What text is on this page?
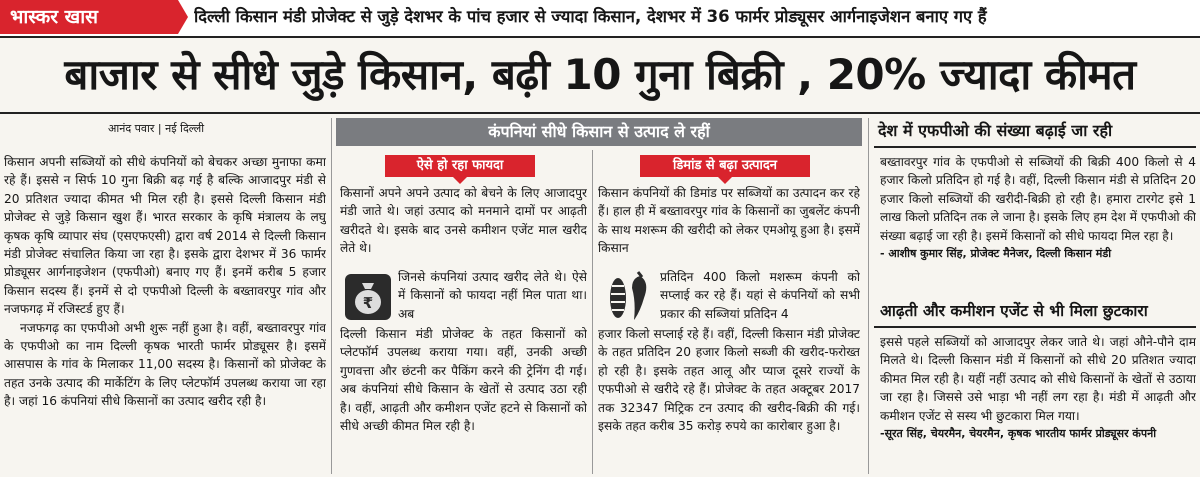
भास्कर खास	दिल्ली किसान मंडी प्रोजेक्ट से जुड़े देशभर के पांच हजार से ज्यादा किसान, देशभर में 36 फार्मर प्रोड्यूसर आर्गनाइजेशन बनाए गए हैं
बाजार से सीधे जुड़े किसान, बढ़ी 10 गुना बिक्री , 20% ज्यादा कीमत
आनंद पवार | नई दिल्ली

किसान अपनी सब्जियों को सीधे कंपनियों को बेचकर अच्छा मुनाफा कमा रहे हैं। इससे न सिर्फ 10 गुना बिक्री बढ़ गई है बल्कि आजादपुर मंडी से 20 प्रतिशत ज्यादा कीमत भी मिल रही है। इससे दिल्ली किसान मंडी प्रोजेक्ट से जुड़े किसान खुश हैं। भारत सरकार के कृषि मंत्रालय के लघु कृषक कृषि व्यापार संघ (एसएफएसी) द्वारा वर्ष 2014 से दिल्ली किसान मंडी प्रोजेक्ट संचालित किया जा रहा है। इसके द्वारा देशभर में 36 फार्मर प्रोड्यूसर आर्गनाइजेशन (एफपीओ) बनाए गए हैं। इनमें करीब 5 हजार किसान सदस्य हैं। इनमें से दो एफपीओ दिल्ली के बख्तावरपुर गांव और नजफगढ़ में रजिस्टर्ड हुए हैं।

नजफगढ़ का एफपीओ अभी शुरू नहीं हुआ है। वहीं, बख्तावरपुर गांव के एफपीओ का नाम दिल्ली कृषक भारती फार्मर प्रोड्यूसर है। इसमें आसपास के गांव के मिलाकर 11,00 सदस्य है। किसानों को प्रोजेक्ट के तहत उनके उत्पाद की मार्केटिंग के लिए प्लेटफॉर्म उपलब्ध कराया जा रहा है। जहां 16 कंपनियां सीधे किसानों का उत्पाद खरीद रही है।

कंपनियां सीधे किसान से उत्पाद ले रहीं
ऐसे हो रहा फायदा

किसानों अपने अपने उत्पाद को बेचने के लिए आजादपुर मंडी जाते थे। जहां उत्पाद को मनमाने दामों पर आढ़ती खरीदते थे। इसके बाद उनसे कमीशन एजेंट माल खरीद लेते थे।

₹

जिनसे कंपनियां उत्पाद खरीद लेते थे। ऐसे में किसानों को फायदा नहीं मिल पाता था। अब

दिल्ली किसान मंडी प्रोजेक्ट के तहत किसानों को प्लेटफॉर्म उपलब्ध कराया गया। वहीं, उनकी अच्छी गुणवत्ता और छंटनी कर पैकिंग करने की ट्रेनिंग दी गई। अब कंपनियां सीधे किसान के खेतों से उत्पाद उठा रही है। वहीं, आढ़ती और कमीशन एजेंट हटने से किसानों को सीधे अच्छी कीमत मिल रही है।

डिमांड से बढ़ा उत्पादन

किसान कंपनियों की डिमांड पर सब्जियों का उत्पादन कर रहे हैं। हाल ही में बख्तावरपुर गांव के किसानों का जुबलेंट कंपनी के साथ मशरूम की खरीदी को लेकर एमओयू हुआ है। इसमें किसान

प्रतिदिन 400 किलो मशरूम कंपनी को सप्लाई कर रहे हैं। यहां से कंपनियों को सभी प्रकार की सब्जियां प्रतिदिन 4

हजार किलो सप्लाई रहे हैं। वहीं, दिल्ली किसान मंडी प्रोजेक्ट के तहत प्रतिदिन 20 हजार किलो सब्जी की खरीद-फरोख्त हो रही है। इसके तहत आलू और प्याज दूसरे राज्यों के एफपीओ से खरीदे रहे हैं। प्रोजेक्ट के तहत अक्टूबर 2017 तक 32347 मिट्रिक टन उत्पाद की खरीद-बिक्री की गई। इसके तहत करीब 35 करोड़ रुपये का कारोबार हुआ है।

देश में एफपीओ की संख्या बढ़ाई जा रही

बख्तावरपुर गांव के एफपीओ से सब्जियों की बिक्री 400 किलो से 4 हजार किलो प्रतिदिन हो गई है। वहीं, दिल्ली किसान मंडी से प्रतिदिन 20 हजार किलो सब्जियों की खरीदी-बिक्री हो रही है। हमारा टारगेट इसे 1 लाख किलो प्रतिदिन तक ले जाना है। इसके लिए हम देश में एफपीओ की संख्या बढ़ाई जा रही है। इसमें किसानों को सीधे फायदा मिल रहा है।

- आशीष कुमार सिंह, प्रोजेक्ट मैनेजर, दिल्ली किसान मंडी

आढ़ती और कमीशन एजेंट से भी मिला छुटकारा

इससे पहले सब्जियों को आजादपुर लेकर जाते थे। जहां औने-पौने दाम मिलते थे। दिल्ली किसान मंडी में किसानों को सीधे 20 प्रतिशत ज्यादा कीमत मिल रही है। यहीं नहीं उत्पाद को सीधे किसानों के खेतों से उठाया जा रहा है। जिससे उसे भाड़ा भी नहीं लग रहा है। मंडी में आढ़ती और कमीशन एजेंट से सस्य भी छुटकारा मिल गया।

-सूरत सिंह, चेयरमैन, चेयरमैन, कृषक भारतीय फार्मर प्रोड्यूसर कंपनी
